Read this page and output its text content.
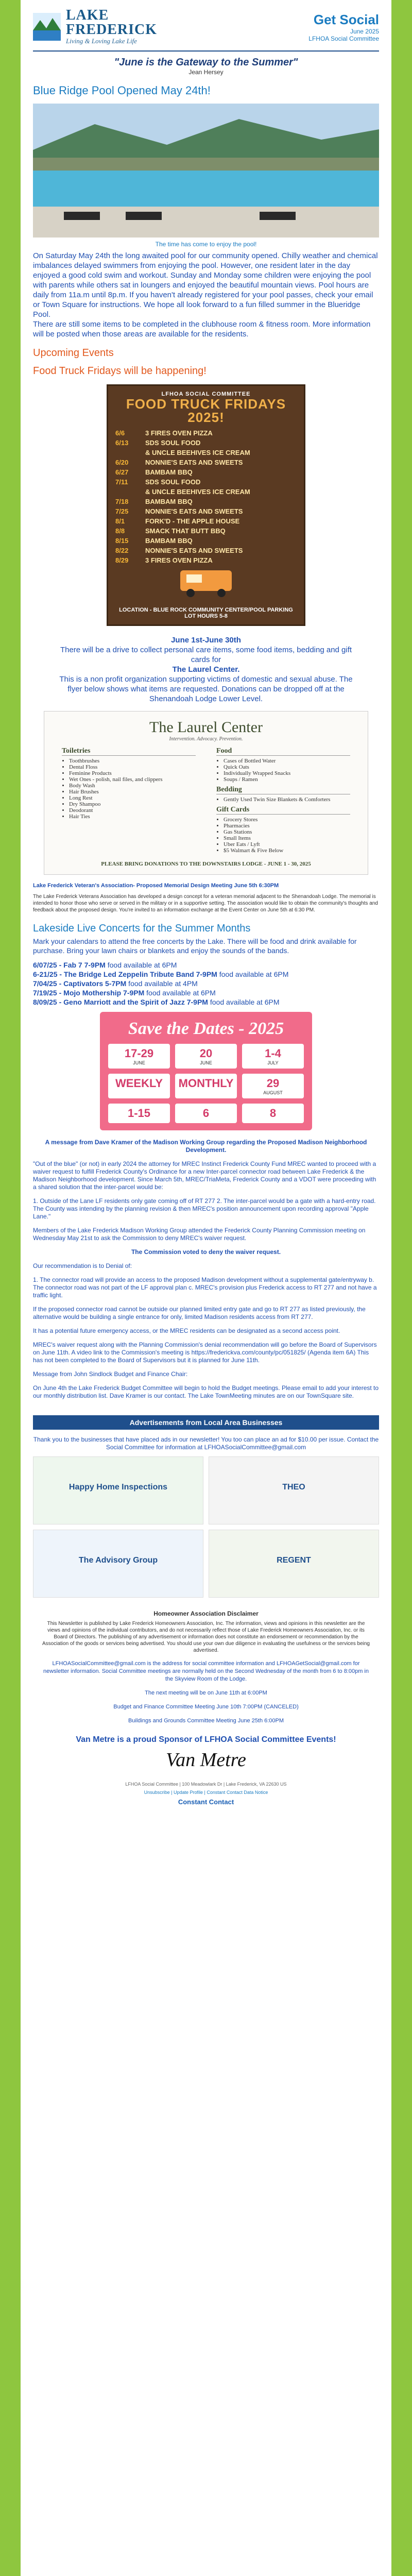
LAKE
FREDERICK
Living & Loving Lake Life
Get Social
June 2025
LFHOA Social Committee
"June is the Gateway to the Summer"
Jean Hersey
Blue Ridge Pool Opened May 24th!
The time has come to enjoy the pool!
On Saturday May 24th the long awaited pool for our community opened. Chilly weather and chemical imbalances delayed swimmers from enjoying the pool. However, one resident later in the day enjoyed a good cold swim and workout. Sunday and Monday some children were enjoying the pool with parents while others sat in loungers and enjoyed the beautiful mountain views. Pool hours are daily from 11a.m until 8p.m. If you haven't already registered for your pool passes, check your email or Town Square for instructions. We hope all look forward to a fun filled summer in the Blueridge Pool.
There are still some items to be completed in the clubhouse room & fitness room. More information will be posted when those areas are available for the residents.
Upcoming Events
Food Truck Fridays will be happening!
LFHOA SOCIAL COMMITTEE
FOOD TRUCK FRIDAYS 2025!
6/6	3 FIRES OVEN PIZZA
6/13	SDS SOUL FOOD
	& UNCLE BEEHIVES ICE CREAM
6/20	NONNIE'S EATS AND SWEETS
6/27	BAMBAM BBQ
7/11	SDS SOUL FOOD
	& UNCLE BEEHIVES ICE CREAM
7/18	BAMBAM BBQ
7/25	NONNIE'S EATS AND SWEETS
8/1	FORK'D - THE APPLE HOUSE
8/8	SMACK THAT BUTT BBQ
8/15	BAMBAM BBQ
8/22	NONNIE'S EATS AND SWEETS
8/29	3 FIRES OVEN PIZZA
LOCATION - BLUE ROCK COMMUNITY CENTER/POOL PARKING LOT HOURS 5-8
June 1st-June 30th
There will be a drive to collect personal care items, some food items, bedding and gift cards for
The Laurel Center.
This is a non profit organization supporting victims of domestic and sexual abuse. The flyer below shows what items are requested. Donations can be dropped off at the Shenandoah Lodge Lower Level.
The Laurel Center
Intervention. Advocacy. Prevention.
Toiletries
• Toothbrushes
• Dental Floss
• Feminine Products
• Wet Ones - polish, nail files, and clippers
• Body Wash
• Hair Brushes
• Long Rest
• Dry Shampoo
• Deodorant
• Hair Ties
Food
• Cases of Bottled Water
• Quick Oats
• Individually Wrapped Snacks
• Soups / Ramen
Bedding
• Gently Used Twin Size Blankets & Comforters
Gift Cards
• Grocery Stores
• Pharmacies
• Gas Stations
• Small Items
• Uber Eats / Lyft
• $5 Walmart & Five Below
PLEASE BRING DONATIONS TO THE DOWNSTAIRS LODGE - JUNE 1 - 30, 2025
Lake Frederick Veteran's Association- Proposed Memorial Design Meeting June 5th 6:30PM
The Lake Frederick Veterans Association has developed a design concept for a veteran memorial adjacent to the Shenandoah Lodge. The memorial is intended to honor those who serve or served in the military or in a supportive setting. The association would like to obtain the community's thoughts and feedback about the proposed design. You're invited to an information exchange at the Event Center on June 5th at 6:30 PM.
Lakeside Live Concerts for the Summer Months
Mark your calendars to attend the free concerts by the Lake. There will be food and drink available for purchase. Bring your lawn chairs or blankets and enjoy the sounds of the bands.
6/07/25 - Fab 7 7-9PM food available at 6PM
6-21/25 - The Bridge Led Zeppelin Tribute Band 7-9PM food available at 6PM
7/04/25 - Captivators 5-7PM food available at 4PM
7/19/25 - Mojo Mothership 7-9PM food available at 6PM
8/09/25 - Geno Marriott and the Spirit of Jazz 7-9PM food available at 6PM
Save the Dates - 2025
17-29
JUNE
20
JUNE
1-4
JULY
WEEKLY	MONTHLY	29
AUGUST
1-15	6	8
A message from Dave Kramer of the Madison Working Group regarding the Proposed Madison Neighborhood Development.

"Out of the blue" (or not) in early 2024 the attorney for MREC Instinct Frederick County Fund MREC wanted to proceed with a waiver request to fulfill Frederick County's Ordinance for a new Inter-parcel connector road between Lake Frederick & the Madison Neighborhood development. Since March 5th, MREC/TriaMeta, Frederick County and a VDOT were proceeding with a shared solution that the inter-parcel would be:

1. Outside of the Lane LF residents only gate coming off of RT 277 2. The inter-parcel would be a gate with a hard-entry road. The County was intending by the planning revision & then MREC's position announcement upon recording approval "Apple Lane."

Members of the Lake Frederick Madison Working Group attended the Frederick County Planning Commission meeting on Wednesday May 21st to ask the Commission to deny MREC's waiver request.

The Commission voted to deny the waiver request.

Our recommendation is to Denial of:

1. The connector road will provide an access to the proposed Madison development without a supplemental gate/entryway b. The connector road was not part of the LF approval plan c. MREC's provision plus Frederick access to RT 277 and not have a traffic light.

If the proposed connector road cannot be outside our planned limited entry gate and go to RT 277 as listed previously, the alternative would be building a single entrance for only, limited Madison residents access from RT 277.

It has a potential future emergency access, or the MREC residents can be designated as a second access point.

MREC's waiver request along with the Planning Commission's denial recommendation will go before the Board of Supervisors on June 11th. A video link to the Commission's meeting is https://frederickva.com/county/pc/051825/ (Agenda item 6A) This has not been completed to the Board of Supervisors but it is planned for June 11th.

Message from John Sindlock Budget and Finance Chair:

On June 4th the Lake Frederick Budget Committee will begin to hold the Budget meetings. Please email to add your interest to our monthly distribution list. Dave Kramer is our contact. The Lake TownMeeting minutes are on our TownSquare site.

Advertisements from Local Area Businesses
Thank you to the businesses that have placed ads in our newsletter! You too can place an ad for $10.00 per issue. Contact the Social Committee for information at LFHOASocialCommittee@gmail.com
Happy Home Inspections	THEO
The Advisory Group	REGENT
Homeowner Association Disclaimer
This Newsletter is published by Lake Frederick Homeowners Association, Inc. The information, views and opinions in this newsletter are the views and opinions of the individual contributors, and do not necessarily reflect those of Lake Frederick Homeowners Association, Inc. or its Board of Directors. The publishing of any advertisement or information does not constitute an endorsement or recommendation by the Association of the goods or services being advertised. You should use your own due diligence in evaluating the usefulness or the services being advertised.
LFHOASocialCommittee@gmail.com is the address for social committee information and LFHOAGetSocial@gmail.com for newsletter information. Social Committee meetings are normally held on the Second Wednesday of the month from 6 to 8:00pm in the Skyview Room of the Lodge.
The next meeting will be on June 11th at 6:00PM
Budget and Finance Committee Meeting June 10th 7:00PM (CANCELED)
Buildings and Grounds Committee Meeting June 25th 6:00PM
Van Metre is a proud Sponsor of LFHOA Social Committee Events!
Van Metre
LFHOA Social Committee | 100 Meadowlark Dr | Lake Frederick, VA 22630 US
Unsubscribe | Update Profile | Constant Contact Data Notice
Constant Contact
